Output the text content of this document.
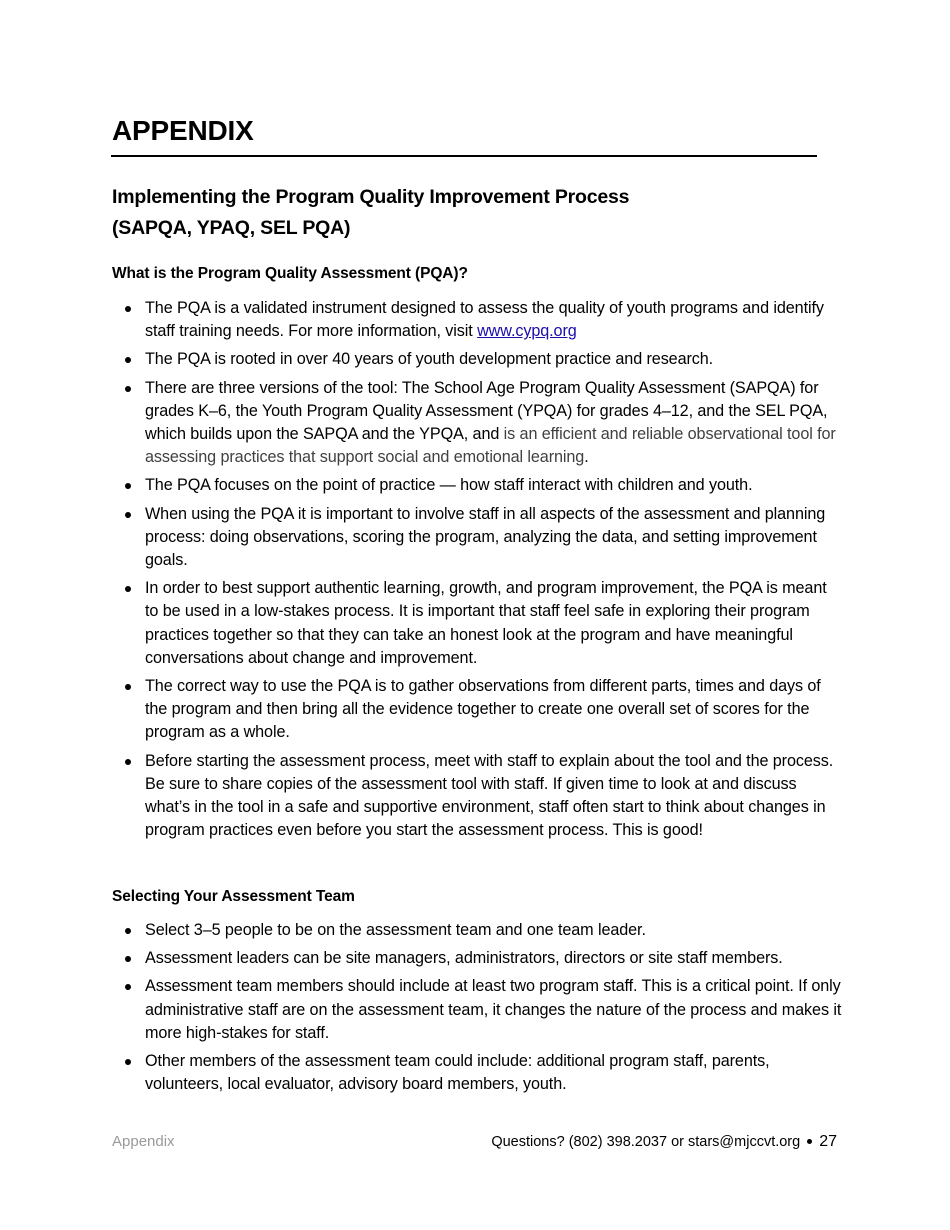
APPENDIX
Implementing the Program Quality Improvement Process
(SAPQA, YPAQ, SEL PQA)
What is the Program Quality Assessment (PQA)?
The PQA is a validated instrument designed to assess the quality of youth programs and identify staff training needs. For more information, visit www.cypq.org
The PQA is rooted in over 40 years of youth development practice and research.
There are three versions of the tool: The School Age Program Quality Assessment (SAPQA) for grades K–6, the Youth Program Quality Assessment (YPQA) for grades 4–12, and the SEL PQA, which builds upon the SAPQA and the YPQA, and is an efficient and reliable observational tool for assessing practices that support social and emotional learning.
The PQA focuses on the point of practice — how staff interact with children and youth.
When using the PQA it is important to involve staff in all aspects of the assessment and planning process: doing observations, scoring the program, analyzing the data, and setting improvement goals.
In order to best support authentic learning, growth, and program improvement, the PQA is meant to be used in a low-stakes process. It is important that staff feel safe in exploring their program practices together so that they can take an honest look at the program and have meaningful conversations about change and improvement.
The correct way to use the PQA is to gather observations from different parts, times and days of the program and then bring all the evidence together to create one overall set of scores for the program as a whole.
Before starting the assessment process, meet with staff to explain about the tool and the process. Be sure to share copies of the assessment tool with staff. If given time to look at and discuss what’s in the tool in a safe and supportive environment, staff often start to think about changes in program practices even before you start the assessment process. This is good!
Selecting Your Assessment Team
Select 3–5 people to be on the assessment team and one team leader.
Assessment leaders can be site managers, administrators, directors or site staff members.
Assessment team members should include at least two program staff. This is a critical point. If only administrative staff are on the assessment team, it changes the nature of the process and makes it more high-stakes for staff.
Other members of the assessment team could include: additional program staff, parents, volunteers, local evaluator, advisory board members, youth.
Appendix	Questions? (802) 398.2037 or stars@mjccvt.org 27
